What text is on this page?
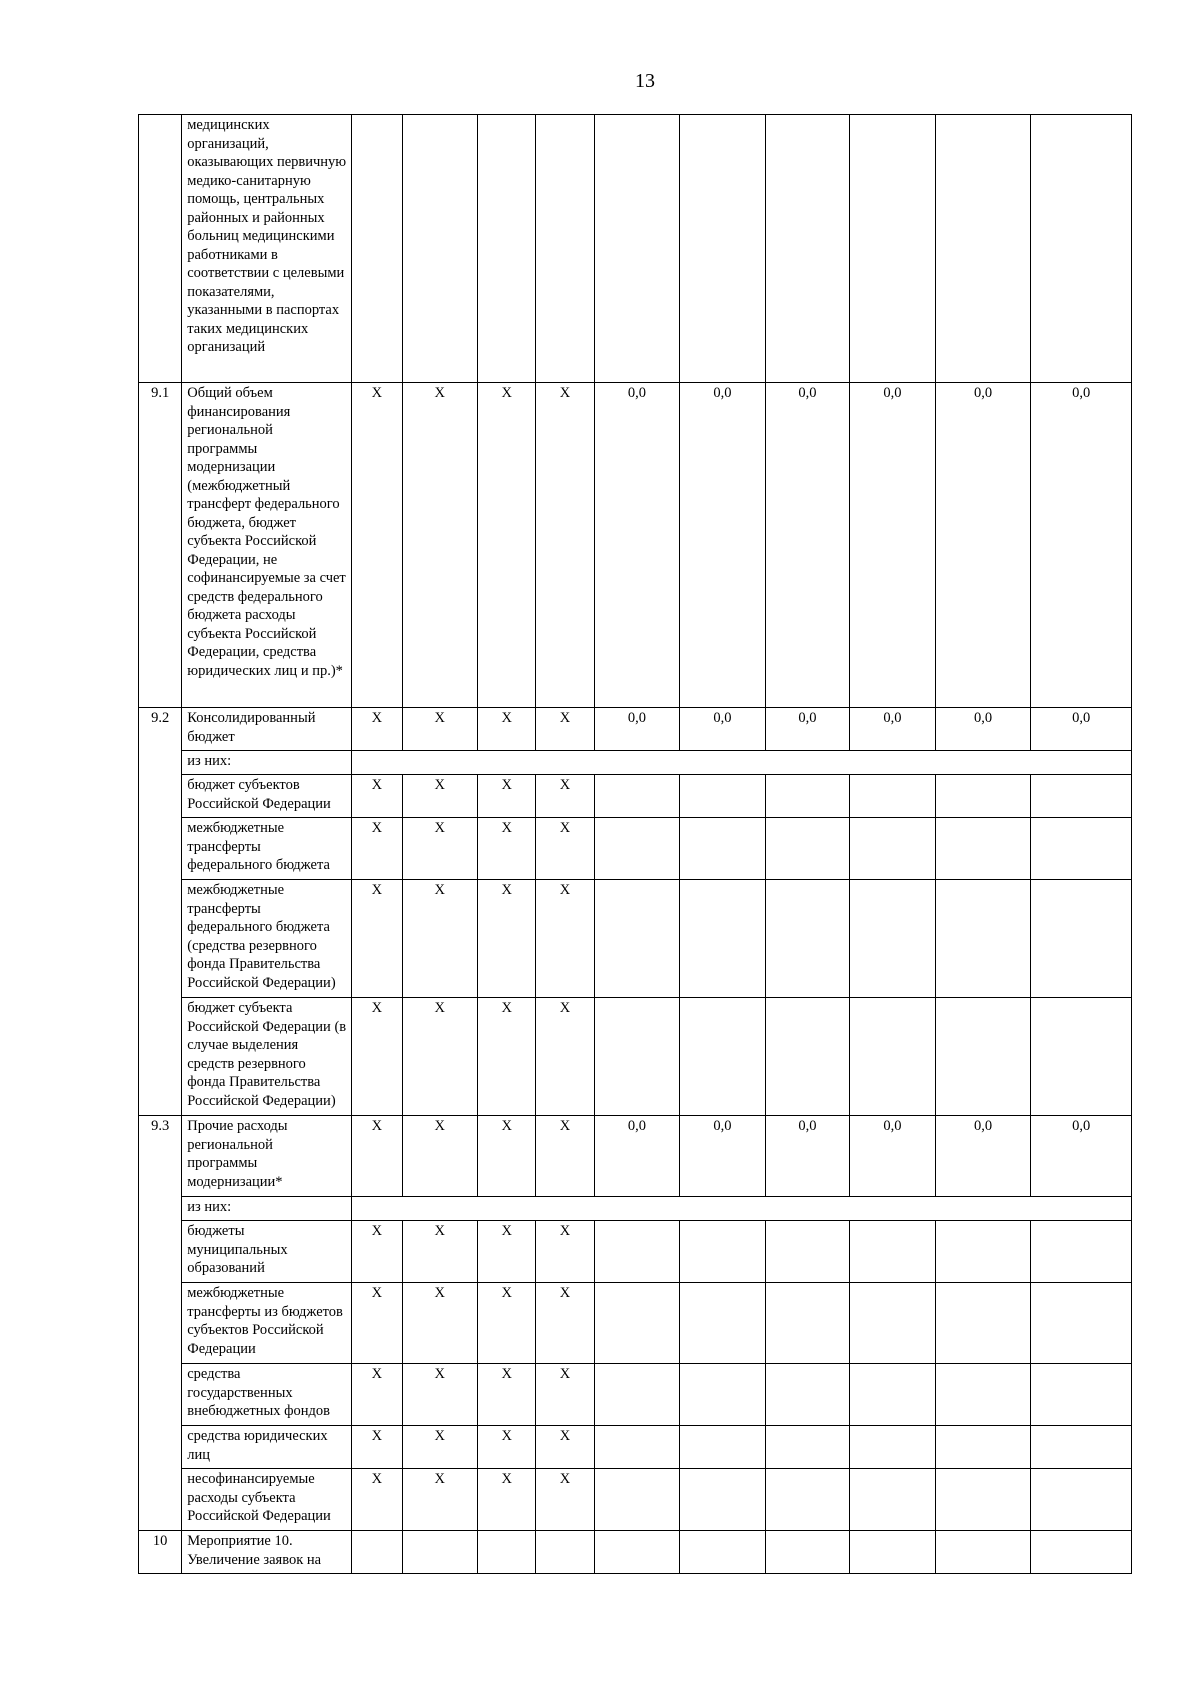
13
	медицинских организаций, оказывающих первичную медико-санитарную помощь, центральных районных и районных больниц медицинскими работниками в соответствии с целевыми показателями, указанными в паспортах таких медицинских организаций										
9.1	Общий объем финансирования региональной программы модернизации (межбюджетный трансферт федерального бюджета, бюджет субъекта Российской Федерации, не софинансируемые за счет средств федерального бюджета расходы субъекта Российской Федерации, средства юридических лиц и пр.)*	Х	Х	Х	Х	0,0	0,0	0,0	0,0	0,0	0,0
9.2	Консолидированный бюджет	Х	Х	Х	Х	0,0	0,0	0,0	0,0	0,0	0,0
	из них:										
	бюджет субъектов Российской Федерации	Х	Х	Х	Х						
	межбюджетные трансферты федерального бюджета	Х	Х	Х	Х						
	межбюджетные трансферты федерального бюджета (средства резервного фонда Правительства Российской Федерации)	Х	Х	Х	Х						
	бюджет субъекта Российской Федерации (в случае выделения средств резервного фонда Правительства Российской Федерации)	Х	Х	Х	Х						
9.3	Прочие расходы региональной программы модернизации*	Х	Х	Х	Х	0,0	0,0	0,0	0,0	0,0	0,0
	из них:										
	бюджеты муниципальных образований	Х	Х	Х	Х						
	межбюджетные трансферты из бюджетов субъектов Российской Федерации	Х	Х	Х	Х						
	средства государственных внебюджетных фондов	Х	Х	Х	Х						
	средства юридических лиц	Х	Х	Х	Х						
	несофинансируемые расходы субъекта Российской Федерации	Х	Х	Х	Х						
10	Мероприятие 10. Увеличение заявок на										
